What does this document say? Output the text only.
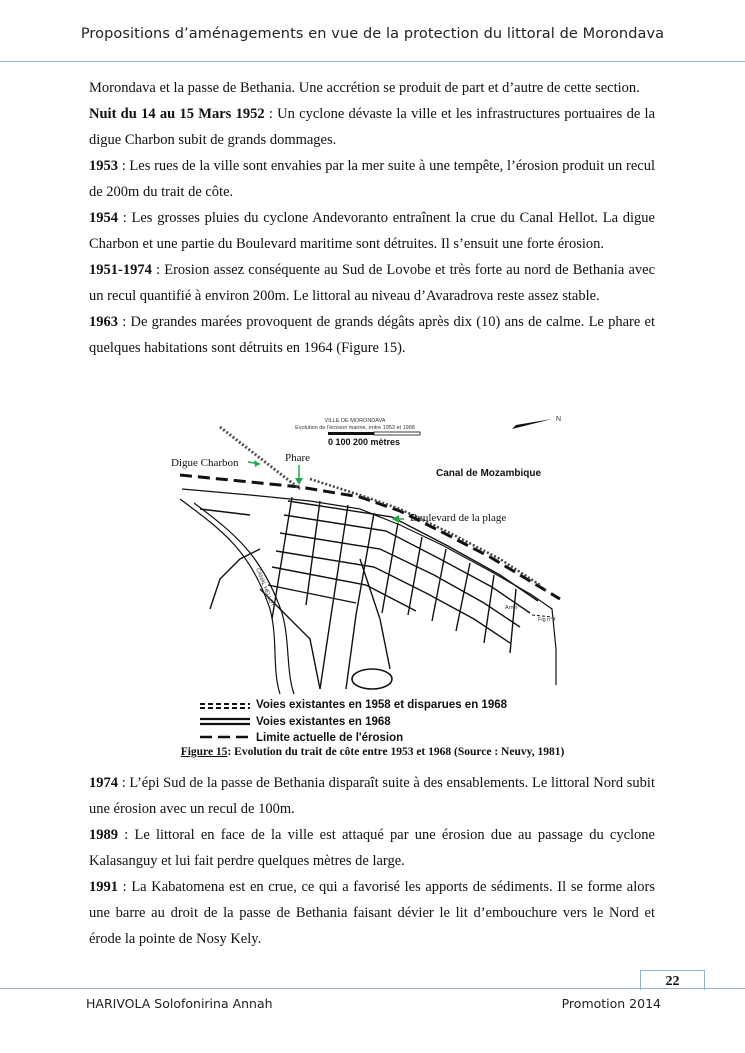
Propositions d’aménagements en vue de la protection du littoral de Morondava

Morondava et la passe de Bethania. Une accrétion se produit de part et d’autre de cette section.

Nuit du 14 au 15 Mars 1952 : Un cyclone dévaste la ville et les infrastructures portuaires de la digue Charbon subit de grands dommages.

1953 : Les rues de la ville sont envahies par la mer suite à une tempête, l’érosion produit un recul de 200m du trait de côte.

1954 : Les grosses pluies du cyclone Andevoranto entraînent la crue du Canal Hellot. La digue Charbon et une partie du Boulevard maritime sont détruites. Il s’ensuit une forte érosion.

1951-1974 : Erosion assez conséquente au Sud de Lovobe et très forte au nord de Bethania avec un recul quantifié à environ 200m. Le littoral au niveau d’Avaradrova reste assez stable.

1963 : De grandes marées provoquent de grands dégâts après dix (10) ans de calme. Le phare et quelques habitations sont détruits en 1964 (Figure 15).

VILLE DE MORONDAVA
Evolution de l'érosion marine, entre 1953 et 1968
0 100 200 mètres
N
CANAL HELLOT
Arrêt
Fig n°4
Digue Charbon	Phare
Canal de Mozambique
Boulevard de la plage
Voies existantes en 1958 et disparues en 1968
Voies existantes en 1968
Limite actuelle de l'érosion
Figure 15: Evolution du trait de côte entre 1953 et 1968 (Source : Neuvy, 1981)

1974 : L’épi Sud de la passe de Bethania disparaît suite à des ensablements. Le littoral Nord subit une érosion avec un recul de 100m.

1989 : Le littoral en face de la ville est attaqué par une érosion due au passage du cyclone Kalasanguy et lui fait perdre quelques mètres de large.

1991 : La Kabatomena est en crue, ce qui a favorisé les apports de sédiments. Il se forme alors une barre au droit de la passe de Bethania faisant dévier le lit d’embouchure vers le Nord et érode la pointe de Nosy Kely.

22
HARIVOLA Solofonirina Annah	Promotion 2014
